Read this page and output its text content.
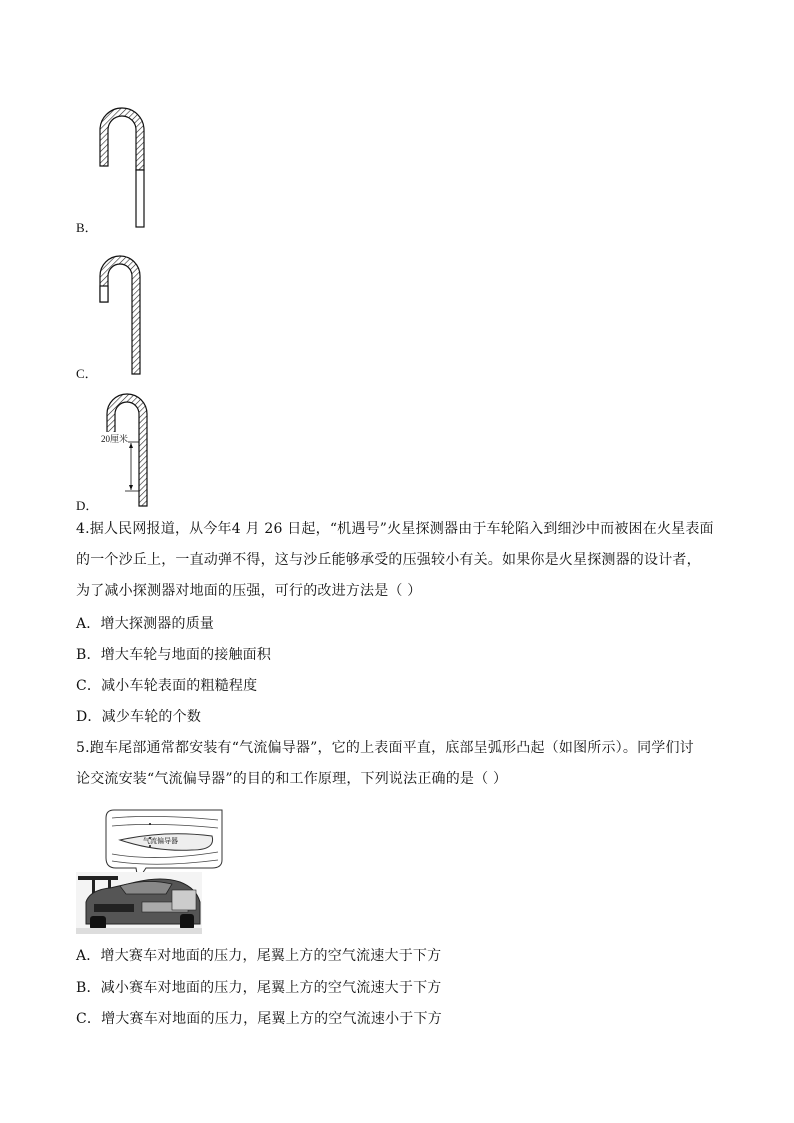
B．
C．
20厘米
D．
4.据人民网报道，从今年4 月 26 日起，“机遇号”火星探测器由于车轮陷入到细沙中而被困在火星表面
的一个沙丘上，一直动弹不得，这与沙丘能够承受的压强较小有关。如果你是火星探测器的设计者，
为了减小探测器对地面的压强，可行的改进方法是（ ）
A．增大探测器的质量
B．增大车轮与地面的接触面积
C．减小车轮表面的粗糙程度
D．减少车轮的个数
5.跑车尾部通常都安装有“气流偏导器”，它的上表面平直，底部呈弧形凸起（如图所示）。同学们讨
论交流安装“气流偏导器”的目的和工作原理，下列说法正确的是（ ）
气流偏导器
A．增大赛车对地面的压力，尾翼上方的空气流速大于下方
B．减小赛车对地面的压力，尾翼上方的空气流速大于下方
C．增大赛车对地面的压力，尾翼上方的空气流速小于下方
